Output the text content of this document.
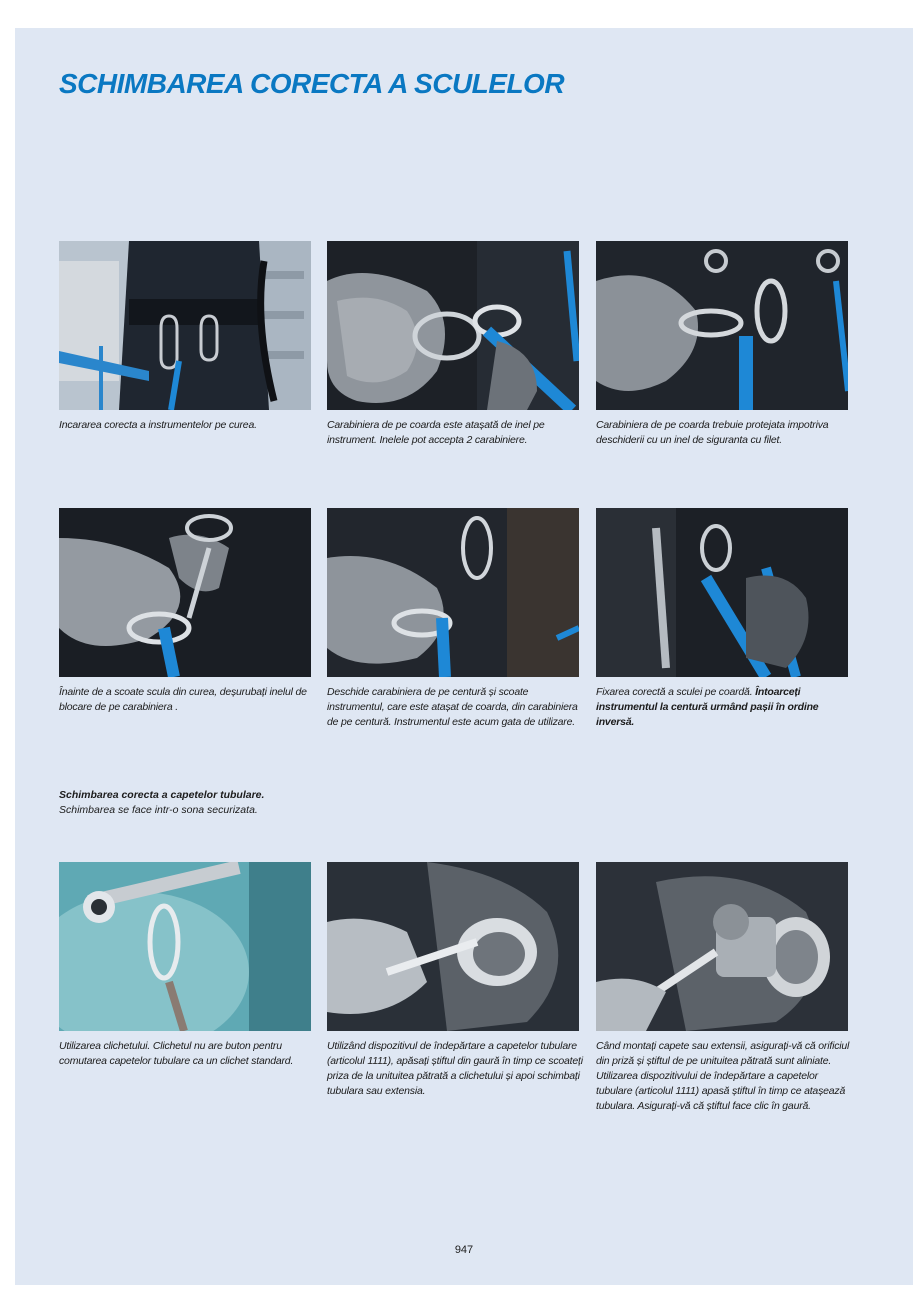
SCHIMBAREA CORECTA A SCULELOR

Incararea corecta a instrumentelor pe curea.	Carabiniera de pe coarda este atașată de inel pe instrument. Inelele pot accepta 2 carabiniere.

Carabiniera de pe coarda trebuie protejata impotriva deschiderii cu un inel de siguranta cu filet.

Înainte de a scoate scula din curea, deșurubați inelul de blocare de pe carabiniera .

Deschide carabiniera de pe centură și scoate instrumentul, care este atașat de coarda, din carabiniera de pe centură. Instrumentul este acum gata de utilizare.

Fixarea corectă a sculei pe coardă. Întoarceți instrumentul la centură urmând pașii în ordine inversă.

Schimbarea corecta a capetelor tubulare.
Schimbarea se face intr-o sona securizata.

Utilizarea clichetului. Clichetul nu are buton pentru comutarea capetelor tubulare ca un clichet standard.

Utilizând dispozitivul de îndepărtare a capetelor tubulare (articolul 1111), apăsați știftul din gaură în timp ce scoateți priza de la unituitea pătrată a clichetului și apoi schimbați tubulara sau extensia.

Când montați capete sau extensii, asigurați-vă că orificiul din priză și știftul de pe unituitea pătrată sunt aliniate. Utilizarea dispozitivului de îndepărtare a capetelor tubulare (articolul 1111) apasă știftul în timp ce atașează tubulara. Asigurați-vă că știftul face clic în gaură.

947
